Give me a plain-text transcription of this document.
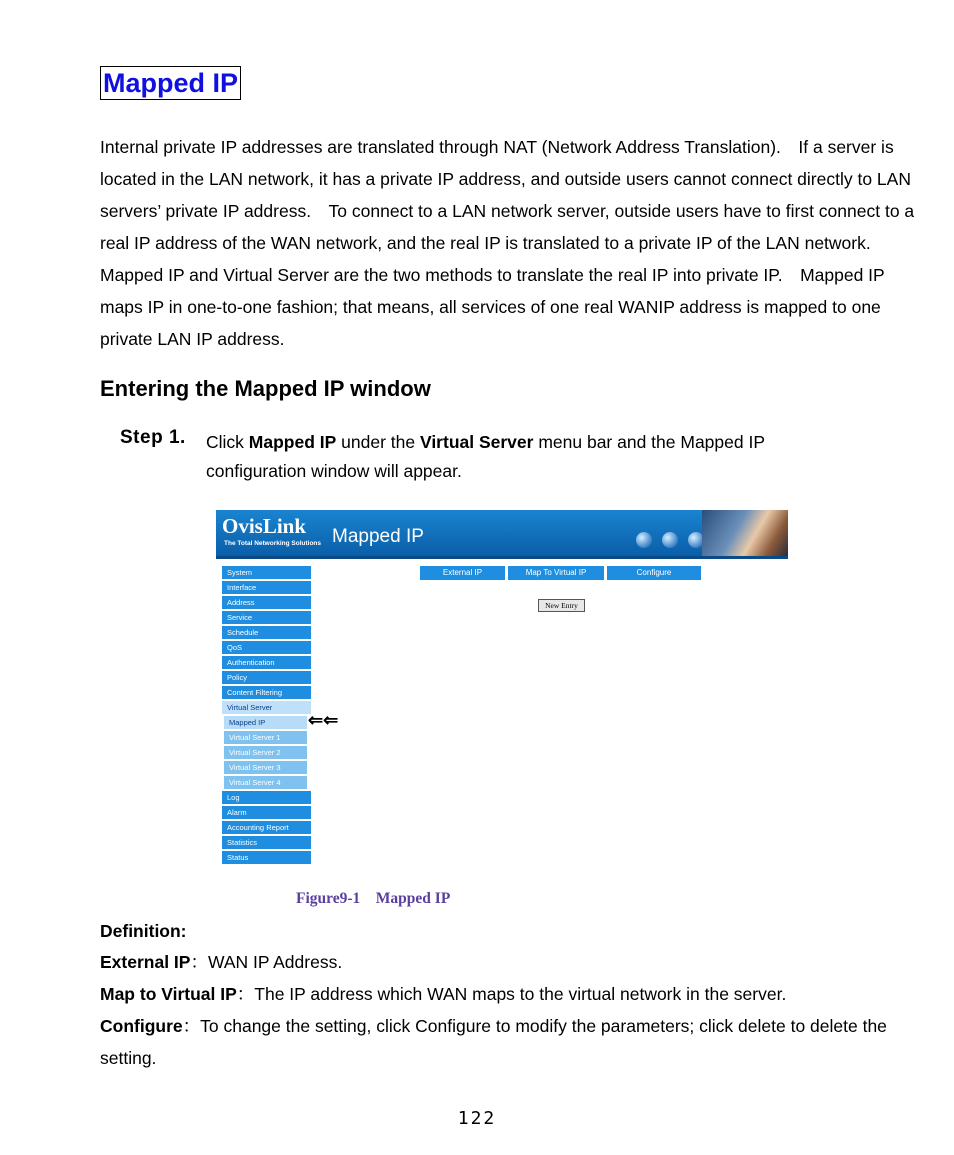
Mapped IP

Internal private IP addresses are translated through NAT (Network Address Translation). If a server is located in the LAN network, it has a private IP address, and outside users cannot connect directly to LAN servers’ private IP address. To connect to a LAN network server, outside users have to first connect to a real IP address of the WAN network, and the real IP is translated to a private IP of the LAN network. Mapped IP and Virtual Server are the two methods to translate the real IP into private IP. Mapped IP maps IP in one-to-one fashion; that means, all services of one real WANIP address is mapped to one private LAN IP address.

Entering the Mapped IP window
Step 1. Click Mapped IP under the Virtual Server menu bar and the Mapped IP configuration window will appear.

OvisLink
The Total Networking Solutions Mapped IP
System
Interface
Address
Service
Schedule
QoS
Authentication
Policy
Content Filtering
Virtual Server
Mapped IP
Virtual Server 1
Virtual Server 2
Virtual Server 3
Virtual Server 4
Log
Alarm
Accounting Report
Statistics
Status
⇐⇐
External IP	Map To Virtual IP	Configure
New Entry
Figure9-1 Mapped IP
Definition:

External IP：WAN IP Address.

Map to Virtual IP：The IP address which WAN maps to the virtual network in the server.

Configure：To change the setting, click Configure to modify the parameters; click delete to delete the setting.

122
